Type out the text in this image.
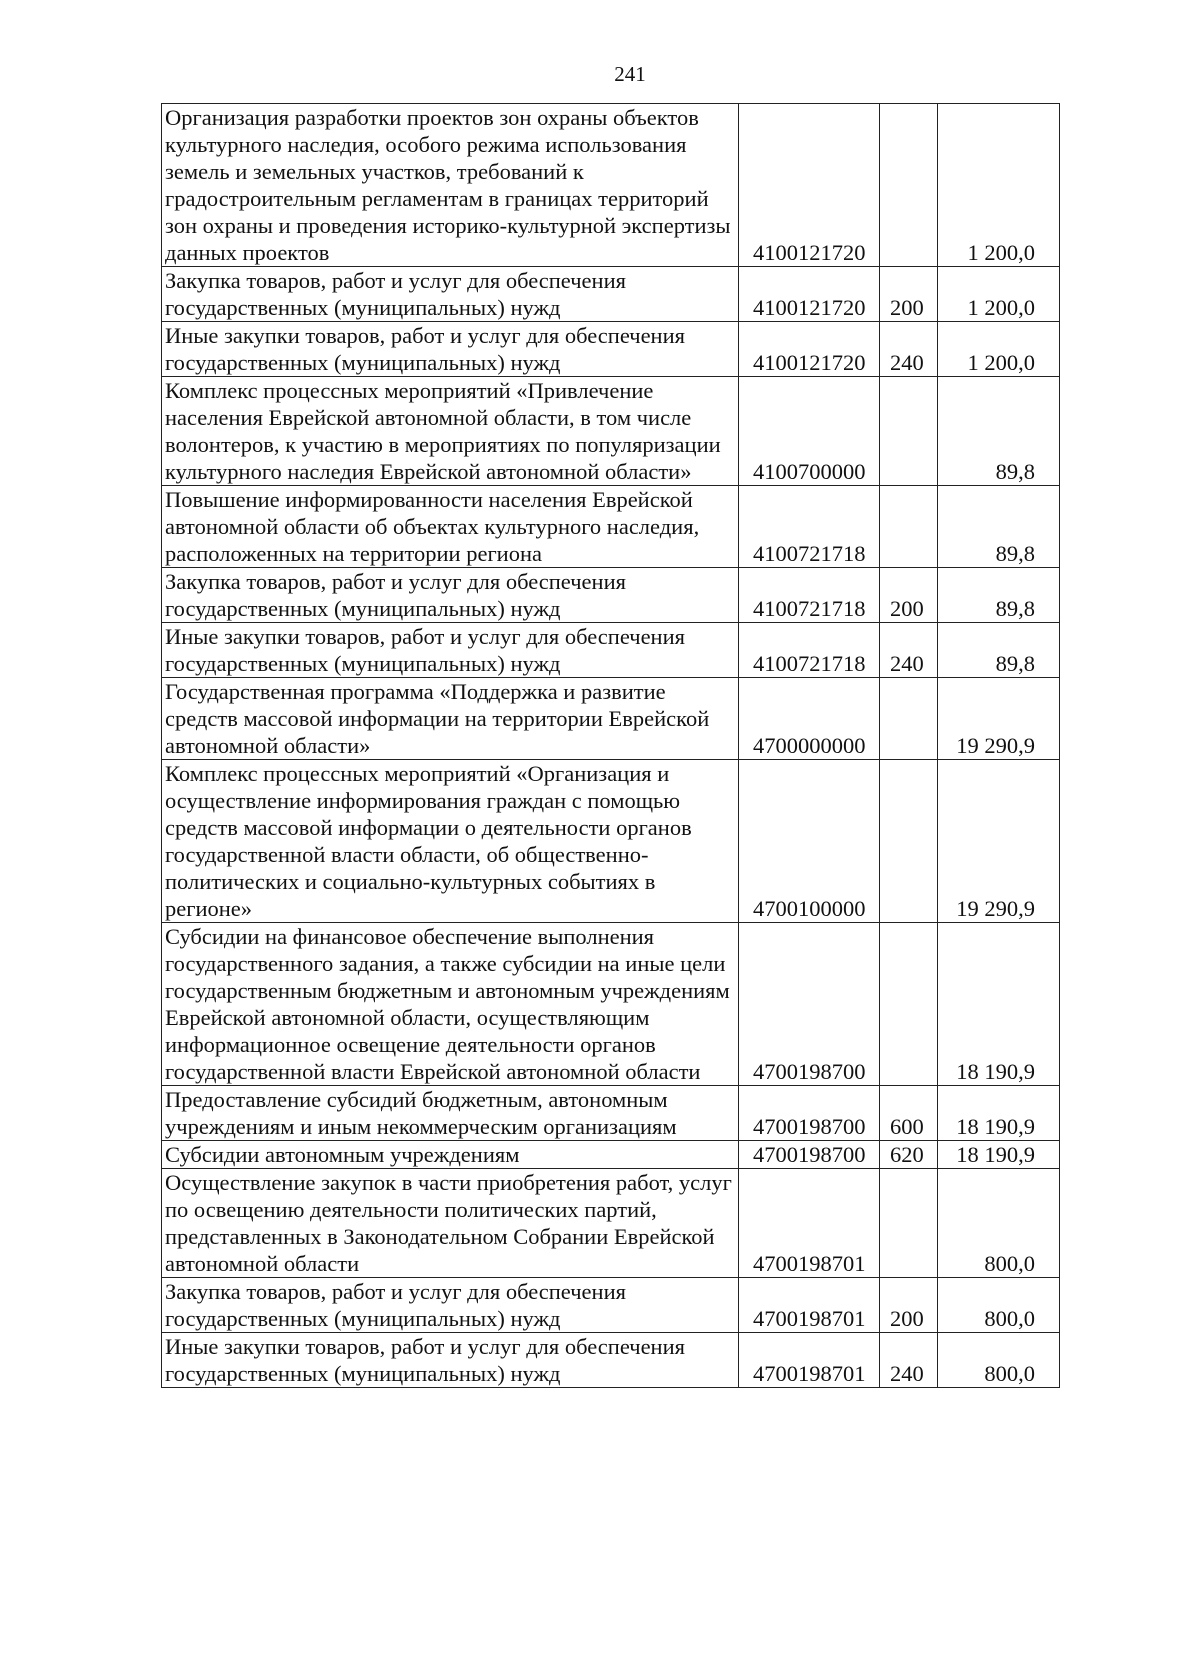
241
Организация разработки проектов зон охраны объектов культурного наследия, особого режима использования земель и земельных участков, требований к градостроительным регламентам в границах территорий зон охраны и проведения историко-культурной экспертизы данных проектов	4100121720		1 200,0
Закупка товаров, работ и услуг для обеспечения государственных (муниципальных) нужд	4100121720	200	1 200,0
Иные закупки товаров, работ и услуг для обеспечения государственных (муниципальных) нужд	4100121720	240	1 200,0
Комплекс процессных мероприятий «Привлечение населения Еврейской автономной области, в том числе волонтеров, к участию в мероприятиях по популяризации культурного наследия Еврейской автономной области»	4100700000		89,8
Повышение информированности населения Еврейской автономной области об объектах культурного наследия, расположенных на территории региона	4100721718		89,8
Закупка товаров, работ и услуг для обеспечения государственных (муниципальных) нужд	4100721718	200	89,8
Иные закупки товаров, работ и услуг для обеспечения государственных (муниципальных) нужд	4100721718	240	89,8
Государственная программа «Поддержка и развитие средств массовой информации на территории Еврейской автономной области»	4700000000		19 290,9
Комплекс процессных мероприятий «Организация и осуществление информирования граждан с помощью средств массовой информации о деятельности органов государственной власти области, об общественно-политических и социально-культурных событиях в регионе»	4700100000		19 290,9
Субсидии на финансовое обеспечение выполнения государственного задания, а также субсидии на иные цели государственным бюджетным и автономным учреждениям Еврейской автономной области, осуществляющим информационное освещение деятельности органов государственной власти Еврейской автономной области	4700198700		18 190,9
Предоставление субсидий бюджетным, автономным учреждениям и иным некоммерческим организациям	4700198700	600	18 190,9
Субсидии автономным учреждениям	4700198700	620	18 190,9
Осуществление закупок в части приобретения работ, услуг по освещению деятельности политических партий, представленных в Законодательном Собрании Еврейской автономной области	4700198701		800,0
Закупка товаров, работ и услуг для обеспечения государственных (муниципальных) нужд	4700198701	200	800,0
Иные закупки товаров, работ и услуг для обеспечения государственных (муниципальных) нужд	4700198701	240	800,0
